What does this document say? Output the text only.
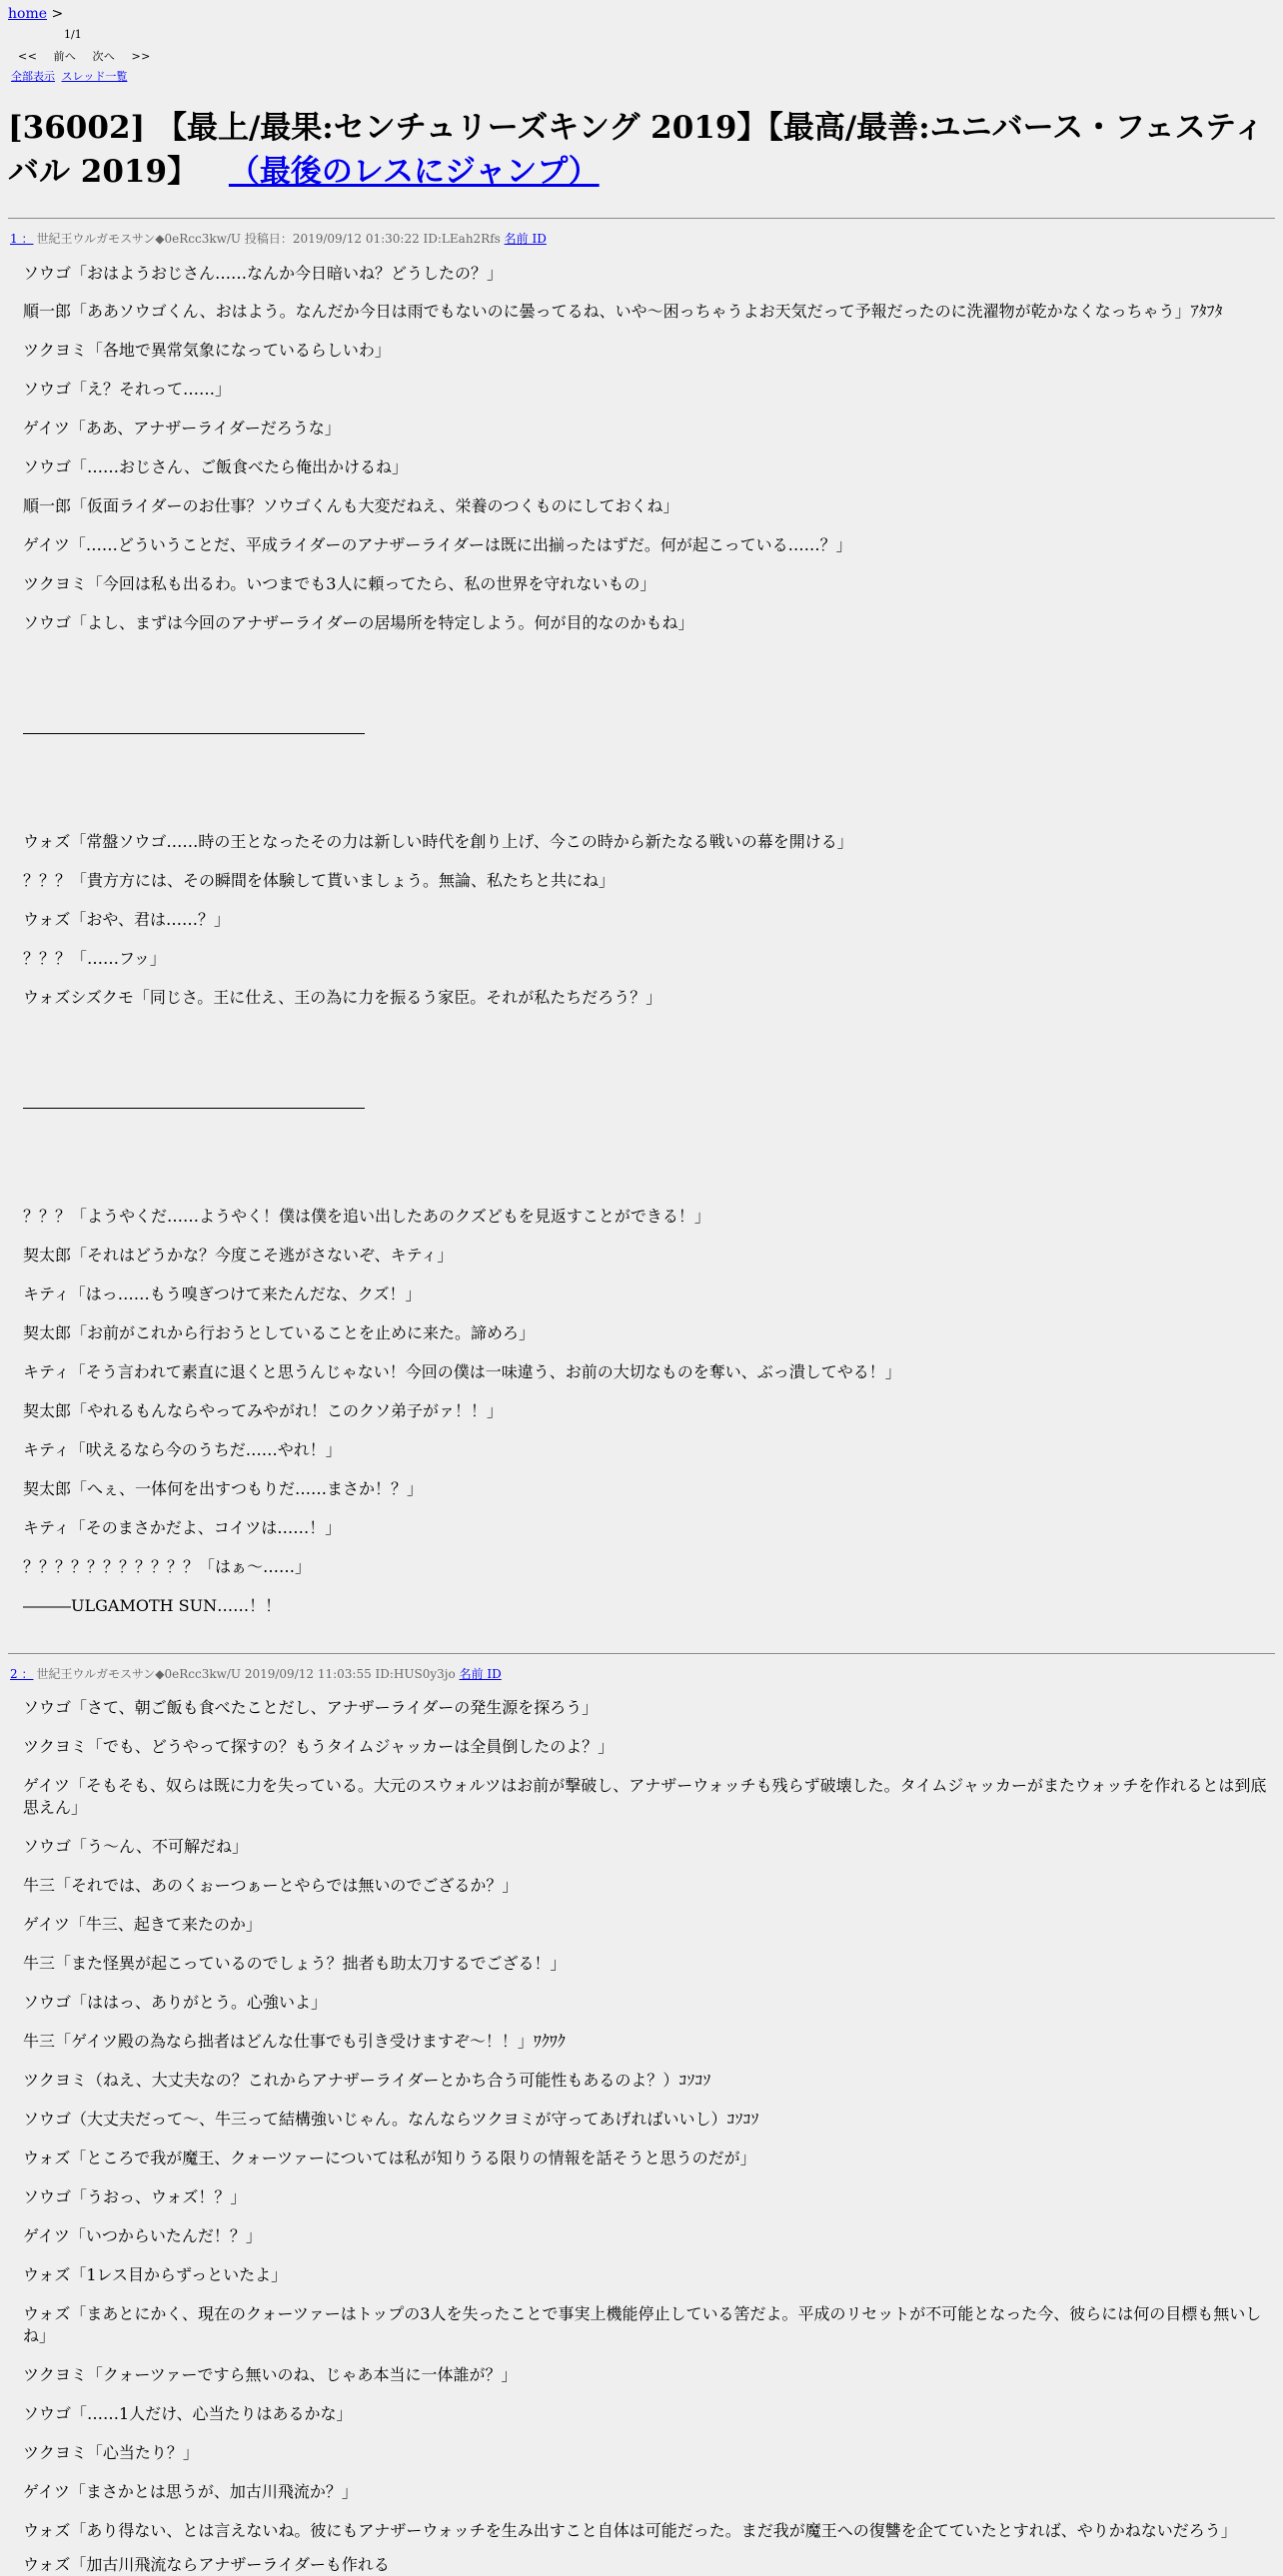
home >
1/1
<< 前へ 次へ >>
全部表示 スレッド一覧
[36002] 【最上/最果:センチュリーズキング 2019】【最高/最善:ユニバース・フェスティバル 2019】 （最後のレスにジャンプ）
1 ： 世紀王ウルガモスサン◆0eRcc3kw/U 投稿日：2019/09/12 01:30:22 ID:LEah2Rfs 名前 ID
ソウゴ「おはようおじさん……なんか今日暗いね？どうしたの？」
順一郎「ああソウゴくん、おはよう。なんだか今日は雨でもないのに曇ってるね、いや～困っちゃうよお天気だって予報だったのに洗濯物が乾かなくなっちゃう」ｱﾀﾌﾀ
ツクヨミ「各地で異常気象になっているらしいわ」
ソウゴ「え？それって……」
ゲイツ「ああ、アナザーライダーだろうな」
ソウゴ「……おじさん、ご飯食べたら俺出かけるね」
順一郎「仮面ライダーのお仕事？ソウゴくんも大変だねえ、栄養のつくものにしておくね」
ゲイツ「……どういうことだ、平成ライダーのアナザーライダーは既に出揃ったはずだ。何が起こっている……？」
ツクヨミ「今回は私も出るわ。いつまでも3人に頼ってたら、私の世界を守れないもの」
ソウゴ「よし、まずは今回のアナザーライダーの居場所を特定しよう。何が目的なのかもね」
ウォズ「常盤ソウゴ……時の王となったその力は新しい時代を創り上げ、今この時から新たなる戦いの幕を開ける」
？？？「貴方方には、その瞬間を体験して貰いましょう。無論、私たちと共にね」
ウォズ「おや、君は……？」
？？？「……フッ」
ウォズシズクモ「同じさ。王に仕え、王の為に力を振るう家臣。それが私たちだろう？」
？？？「ようやくだ……ようやく！僕は僕を追い出したあのクズどもを見返すことができる！」
契太郎「それはどうかな？今度こそ逃がさないぞ、キティ」
キティ「はっ……もう嗅ぎつけて来たんだな、クズ！」
契太郎「お前がこれから行おうとしていることを止めに来た。諦めろ」
キティ「そう言われて素直に退くと思うんじゃない！今回の僕は一味違う、お前の大切なものを奪い、ぶっ潰してやる！」
契太郎「やれるもんならやってみやがれ！このクソ弟子がァ！！」
キティ「吠えるなら今のうちだ……やれ！」
契太郎「へぇ、一体何を出すつもりだ……まさか！？」
キティ「そのまさかだよ、コイツは……！」
？？？？？？？？？？？「はぁ～……」
―――ULGAMOTH SUN……！！
2 ： 世紀王ウルガモスサン◆0eRcc3kw/U 2019/09/12 11:03:55 ID:HUS0y3jo 名前 ID
ソウゴ「さて、朝ご飯も食べたことだし、アナザーライダーの発生源を探ろう」
ツクヨミ「でも、どうやって探すの？もうタイムジャッカーは全員倒したのよ？」
ゲイツ「そもそも、奴らは既に力を失っている。大元のスウォルツはお前が撃破し、アナザーウォッチも残らず破壊した。タイムジャッカーがまたウォッチを作れるとは到底思えん」
ソウゴ「う～ん、不可解だね」
牛三「それでは、あのくぉーつぁーとやらでは無いのでござるか？」
ゲイツ「牛三、起きて来たのか」
牛三「また怪異が起こっているのでしょう？拙者も助太刀するでござる！」
ソウゴ「ははっ、ありがとう。心強いよ」
牛三「ゲイツ殿の為なら拙者はどんな仕事でも引き受けますぞ～！！」ﾜｸﾜｸ
ツクヨミ（ねえ、大丈夫なの？これからアナザーライダーとかち合う可能性もあるのよ？）ｺｿｺｿ
ソウゴ（大丈夫だって～、牛三って結構強いじゃん。なんならツクヨミが守ってあげればいいし）ｺｿｺｿ
ウォズ「ところで我が魔王、クォーツァーについては私が知りうる限りの情報を話そうと思うのだが」
ソウゴ「うおっ、ウォズ！？」
ゲイツ「いつからいたんだ！？」
ウォズ「1レス目からずっといたよ」
ウォズ「まあとにかく、現在のクォーツァーはトップの3人を失ったことで事実上機能停止している筈だよ。平成のリセットが不可能となった今、彼らには何の目標も無いしね」
ツクヨミ「クォーツァーですら無いのね、じゃあ本当に一体誰が？」
ソウゴ「……1人だけ、心当たりはあるかな」
ツクヨミ「心当たり？」
ゲイツ「まさかとは思うが、加古川飛流か？」
ウォズ「あり得ない、とは言えないね。彼にもアナザーウォッチを生み出すこと自体は可能だった。まだ我が魔王への復讐を企てていたとすれば、やりかねないだろう」
ウォズ「加古川飛流ならアナザーライダーも作れる
